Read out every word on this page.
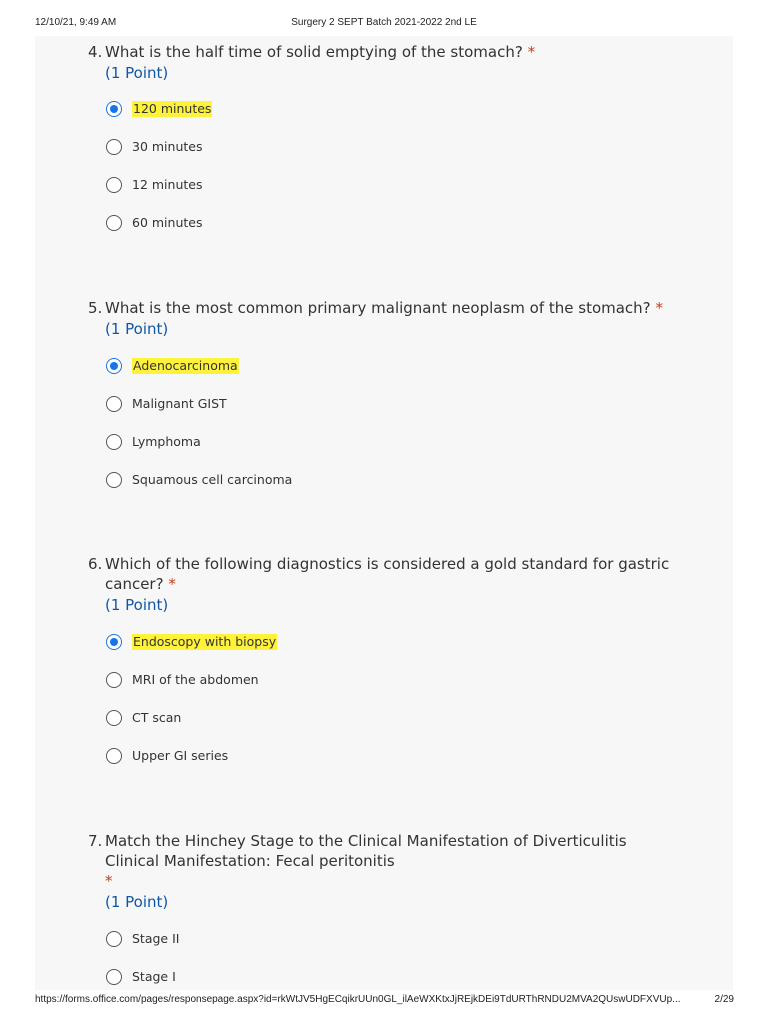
12/10/21, 9:49 AM	Surgery 2 SEPT Batch 2021-2022 2nd LE
4. What is the half time of solid emptying of the stomach? *
(1 Point)
120 minutes
30 minutes
12 minutes
60 minutes
5. What is the most common primary malignant neoplasm of the stomach? *
(1 Point)
Adenocarcinoma
Malignant GIST
Lymphoma
Squamous cell carcinoma
6. Which of the following diagnostics is considered a gold standard for gastric
cancer? *
(1 Point)
Endoscopy with biopsy
MRI of the abdomen
CT scan
Upper GI series
7. Match the Hinchey Stage to the Clinical Manifestation of Diverticulitis
Clinical Manifestation: Fecal peritonitis
*
(1 Point)
Stage II
Stage I
https://forms.office.com/pages/responsepage.aspx?id=rkWtJV5HgECqikrUUn0GL_ilAeWXKtxJjREjkDEi9TdURThRNDU2MVA2QUswUDFXVUp...	2/29
